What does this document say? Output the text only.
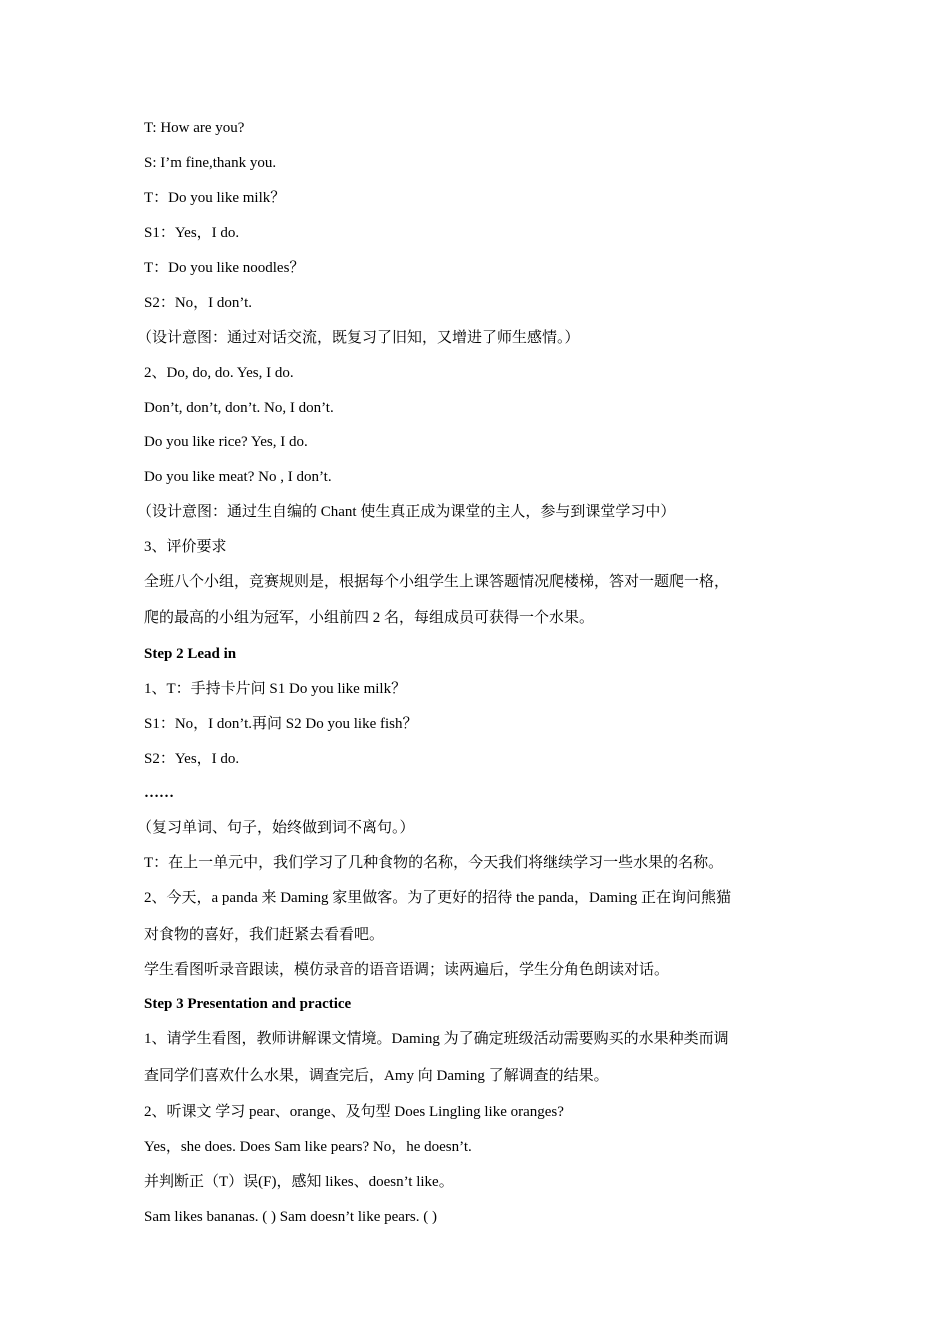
T: How are you?
S: I’m fine,thank you.
T：Do you like milk？
S1：Yes，I do.
T：Do you like noodles？
S2：No，I don’t.
（设计意图：通过对话交流，既复习了旧知，又增进了师生感情。）
2、Do, do, do. Yes, I do.
Don’t, don’t, don’t. No, I don’t.
Do you like rice? Yes, I do.
Do you like meat? No , I don’t.
（设计意图：通过生自编的 Chant 使生真正成为课堂的主人，参与到课堂学习中）
3、评价要求
全班八个小组，竞赛规则是，根据每个小组学生上课答题情况爬楼梯，答对一题爬一格，
爬的最高的小组为冠军，小组前四 2 名，每组成员可获得一个水果。
Step 2 Lead in
1、T：手持卡片问 S1 Do you like milk？
S1：No，I don’t.再问 S2 Do you like fish？
S2：Yes，I do.
……
（复习单词、句子，始终做到词不离句。）
T：在上一单元中，我们学习了几种食物的名称，今天我们将继续学习一些水果的名称。
2、今天，a panda 来 Daming 家里做客。为了更好的招待 the panda，Daming 正在询问熊猫
对食物的喜好，我们赶紧去看看吧。
学生看图听录音跟读，模仿录音的语音语调；读两遍后，学生分角色朗读对话。
Step 3 Presentation and practice
1、请学生看图，教师讲解课文情境。Daming 为了确定班级活动需要购买的水果种类而调
查同学们喜欢什么水果，调查完后，Amy 向 Daming 了解调查的结果。
2、听课文 学习 pear、orange、及句型 Does Lingling like oranges?
Yes，she does. Does Sam like pears? No，he doesn’t.
并判断正（T）误(F)，感知 likes、doesn’t like。
Sam likes bananas. ( ) Sam doesn’t like pears. ( )
